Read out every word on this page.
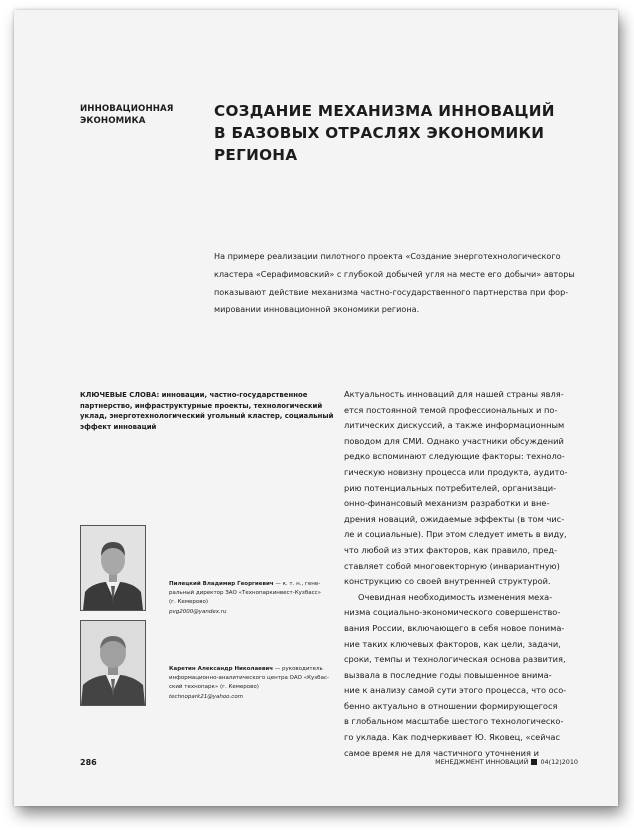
ИННОВАЦИОННАЯ
ЭКОНОМИКА
СОЗДАНИЕ МЕХАНИЗМА ИННОВАЦИЙ
В БАЗОВЫХ ОТРАСЛЯХ ЭКОНОМИКИ
РЕГИОНА
На примере реализации пилотного проекта «Создание энерготехнологического
кластера «Серафимовский» с глубокой добычей угля на месте его добычи» авторы
показывают действие механизма частно-государственного партнерства при фор-
мировании инновационной экономики региона.
КЛЮЧЕВЫЕ СЛОВА: инновации, частно-государственное
партнерство, инфраструктурные проекты, технологический
уклад, энерготехнологический угольный кластер, социальный
эффект инноваций
Актуальность инноваций для нашей страны явля-
ется постоянной темой профессиональных и по-
литических дискуссий, а также информационным
поводом для СМИ. Однако участники обсуждений
редко вспоминают следующие факторы: техноло-
гическую новизну процесса или продукта, аудито-
рию потенциальных потребителей, организаци-
онно-финансовый механизм разработки и вне-
дрения новаций, ожидаемые эффекты (в том чис-
ле и социальные). При этом следует иметь в виду,
что любой из этих факторов, как правило, пред-
ставляет собой многовекторную (инвариантную)
конструкцию со своей внутренней структурой.
Очевидная необходимость изменения меха-
низма социально-экономического совершенство-
вания России, включающего в себя новое понима-
ние таких ключевых факторов, как цели, задачи,
сроки, темпы и технологическая основа развития,
вызвала в последние годы повышенное внима-
ние к анализу самой сути этого процесса, что осо-
бенно актуально в отношении формирующегося
в глобальном масштабе шестого технологическо-
го уклада. Как подчеркивает Ю. Яковец, «сейчас
самое время не для частичного уточнения и
Пилецкий Владимир Георгиевич — к. т. н., гене-
ральный директор ЗАО «Технопаркинвест-Кузбасс»
(г. Кемерово)
pvg2000@yandex.ru
Каретин Александр Николаевич — руководитель
информационно-аналитического центра ОАО «Кузбас-
ский технопарк» (г. Кемерово)
technopark21@yahoo.com
286	МЕНЕДЖМЕНТ ИННОВАЦИЙ 04(12)2010
